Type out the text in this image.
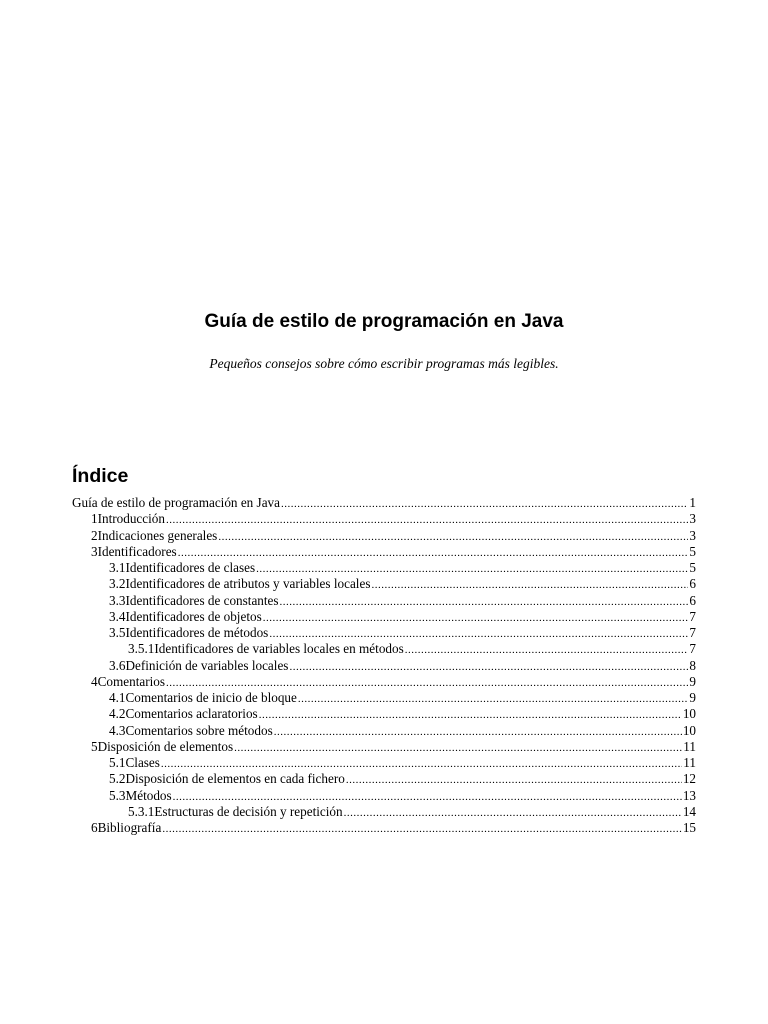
Guía de estilo de programación en Java

Pequeños consejos sobre cómo escribir programas más legibles.

Índice
Guía de estilo de programación en Java .....	1
1 Introducción .....	3
2 Indicaciones generales .....	3
3 Identificadores .....	5
3.1 Identificadores de clases .....	5
3.2 Identificadores de atributos y variables locales .....	6
3.3 Identificadores de constantes .....	6
3.4 Identificadores de objetos .....	7
3.5 Identificadores de métodos .....	7
3.5.1 Identificadores de variables locales en métodos .....	7
3.6 Definición de variables locales .....	8
4 Comentarios .....	9
4.1 Comentarios de inicio de bloque .....	9
4.2 Comentarios aclaratorios .....	10
4.3 Comentarios sobre métodos .....	10
5 Disposición de elementos .....	11
5.1 Clases .....	11
5.2 Disposición de elementos en cada fichero .....	12
5.3 Métodos .....	13
5.3.1 Estructuras de decisión y repetición .....	14
6 Bibliografía .....	15
